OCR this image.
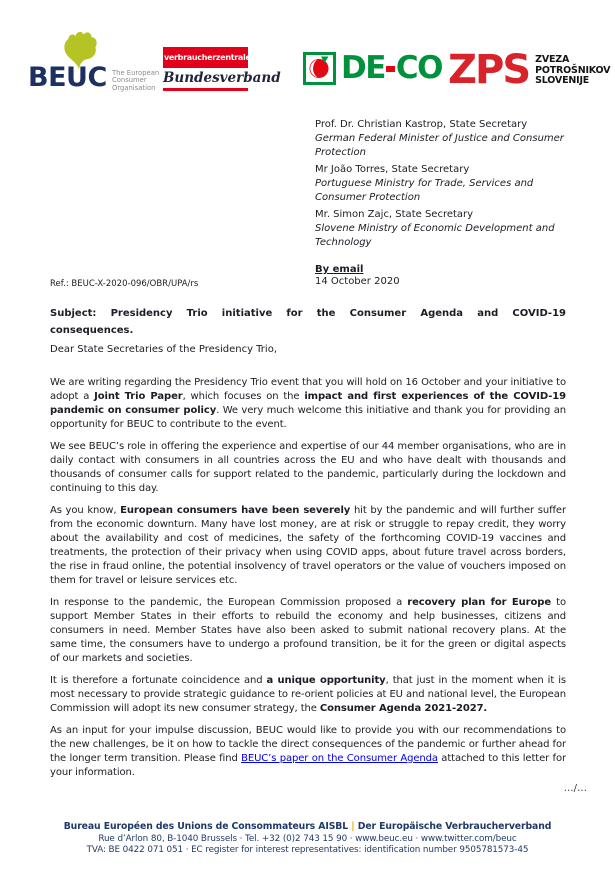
BEUC The European
Consumer
Organisation
verbraucherzentrale
Bundesverband DE CO ZPS ZVEZA
POTROŠNIKOV
SLOVENIJE
Prof. Dr. Christian Kastrop, State Secretary
German Federal Minister of Justice and Consumer Protection
Mr João Torres, State Secretary
Portuguese Ministry for Trade, Services and Consumer Protection
Mr. Simon Zajc, State Secretary
Slovene Ministry of Economic Development and Technology
By email
Ref.: BEUC-X-2020-096/OBR/UPA/rs	14 October 2020
Subject: Presidency Trio initiative for the Consumer Agenda and COVID-19
consequences.
Dear State Secretaries of the Presidency Trio,

We are writing regarding the Presidency Trio event that you will hold on 16 October and your initiative to adopt a Joint Trio Paper, which focuses on the impact and first experiences of the COVID-19 pandemic on consumer policy. We very much welcome this initiative and thank you for providing an opportunity for BEUC to contribute to the event.

We see BEUC’s role in offering the experience and expertise of our 44 member organisations, who are in daily contact with consumers in all countries across the EU and who have dealt with thousands and thousands of consumer calls for support related to the pandemic, particularly during the lockdown and continuing to this day.

As you know, European consumers have been severely hit by the pandemic and will further suffer from the economic downturn. Many have lost money, are at risk or struggle to repay credit, they worry about the availability and cost of medicines, the safety of the forthcoming COVID-19 vaccines and treatments, the protection of their privacy when using COVID apps, about future travel across borders, the rise in fraud online, the potential insolvency of travel operators or the value of vouchers imposed on them for travel or leisure services etc.

In response to the pandemic, the European Commission proposed a recovery plan for Europe to support Member States in their efforts to rebuild the economy and help businesses, citizens and consumers in need. Member States have also been asked to submit national recovery plans. At the same time, the consumers have to undergo a profound transition, be it for the green or digital aspects of our markets and societies.

It is therefore a fortunate coincidence and a unique opportunity, that just in the moment when it is most necessary to provide strategic guidance to re-orient policies at EU and national level, the European Commission will adopt its new consumer strategy, the Consumer Agenda 2021-2027.

As an input for your impulse discussion, BEUC would like to provide you with our recommendations to the new challenges, be it on how to tackle the direct consequences of the pandemic or further ahead for the longer term transition. Please find BEUC’s paper on the Consumer Agenda attached to this letter for your information.

…/…
Bureau Européen des Unions de Consommateurs AISBL | Der Europäische Verbraucherverband
Rue d’Arlon 80, B-1040 Brussels · Tel. +32 (0)2 743 15 90 · www.beuc.eu · www.twitter.com/beuc
TVA: BE 0422 071 051 · EC register for interest representatives: identification number 9505781573-45
